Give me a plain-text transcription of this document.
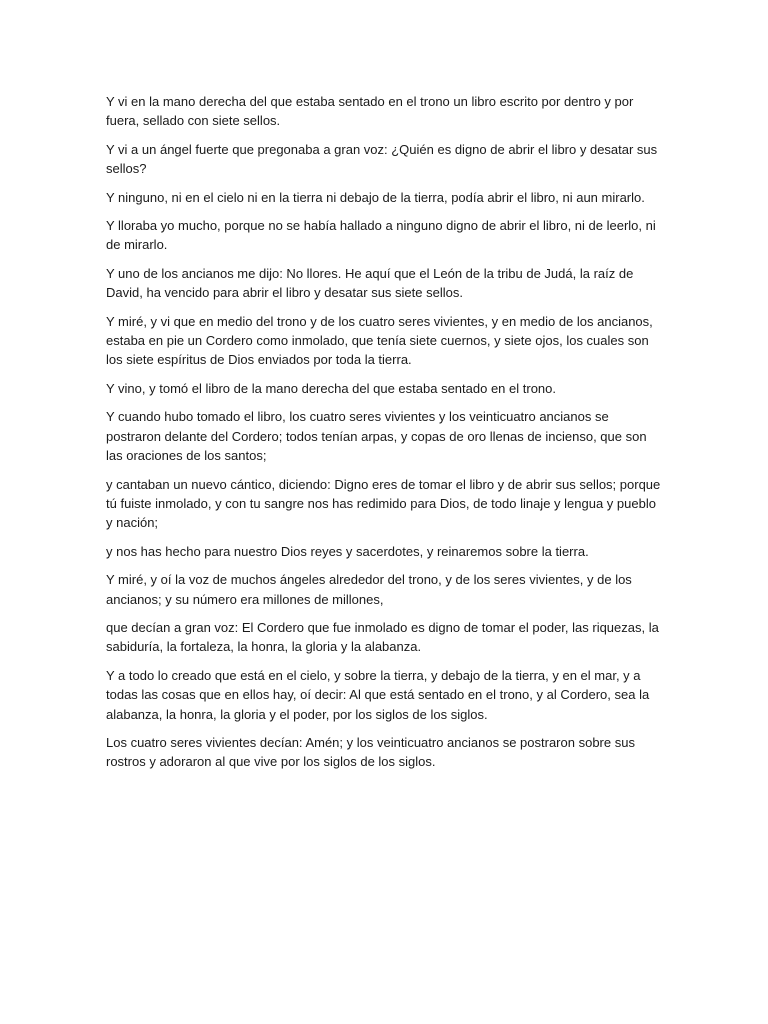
Y vi en la mano derecha del que estaba sentado en el trono un libro escrito por dentro y por fuera, sellado con siete sellos.

Y vi a un ángel fuerte que pregonaba a gran voz: ¿Quién es digno de abrir el libro y desatar sus sellos?

Y ninguno, ni en el cielo ni en la tierra ni debajo de la tierra, podía abrir el libro, ni aun mirarlo.

Y lloraba yo mucho, porque no se había hallado a ninguno digno de abrir el libro, ni de leerlo, ni de mirarlo.

Y uno de los ancianos me dijo: No llores. He aquí que el León de la tribu de Judá, la raíz de David, ha vencido para abrir el libro y desatar sus siete sellos.

Y miré, y vi que en medio del trono y de los cuatro seres vivientes, y en medio de los ancianos, estaba en pie un Cordero como inmolado, que tenía siete cuernos, y siete ojos, los cuales son los siete espíritus de Dios enviados por toda la tierra.

Y vino, y tomó el libro de la mano derecha del que estaba sentado en el trono.

Y cuando hubo tomado el libro, los cuatro seres vivientes y los veinticuatro ancianos se postraron delante del Cordero; todos tenían arpas, y copas de oro llenas de incienso, que son las oraciones de los santos;

y cantaban un nuevo cántico, diciendo: Digno eres de tomar el libro y de abrir sus sellos; porque tú fuiste inmolado, y con tu sangre nos has redimido para Dios, de todo linaje y lengua y pueblo y nación;

y nos has hecho para nuestro Dios reyes y sacerdotes, y reinaremos sobre la tierra.

Y miré, y oí la voz de muchos ángeles alrededor del trono, y de los seres vivientes, y de los ancianos; y su número era millones de millones,

que decían a gran voz: El Cordero que fue inmolado es digno de tomar el poder, las riquezas, la sabiduría, la fortaleza, la honra, la gloria y la alabanza.

Y a todo lo creado que está en el cielo, y sobre la tierra, y debajo de la tierra, y en el mar, y a todas las cosas que en ellos hay, oí decir: Al que está sentado en el trono, y al Cordero, sea la alabanza, la honra, la gloria y el poder, por los siglos de los siglos.

Los cuatro seres vivientes decían: Amén; y los veinticuatro ancianos se postraron sobre sus rostros y adoraron al que vive por los siglos de los siglos.
